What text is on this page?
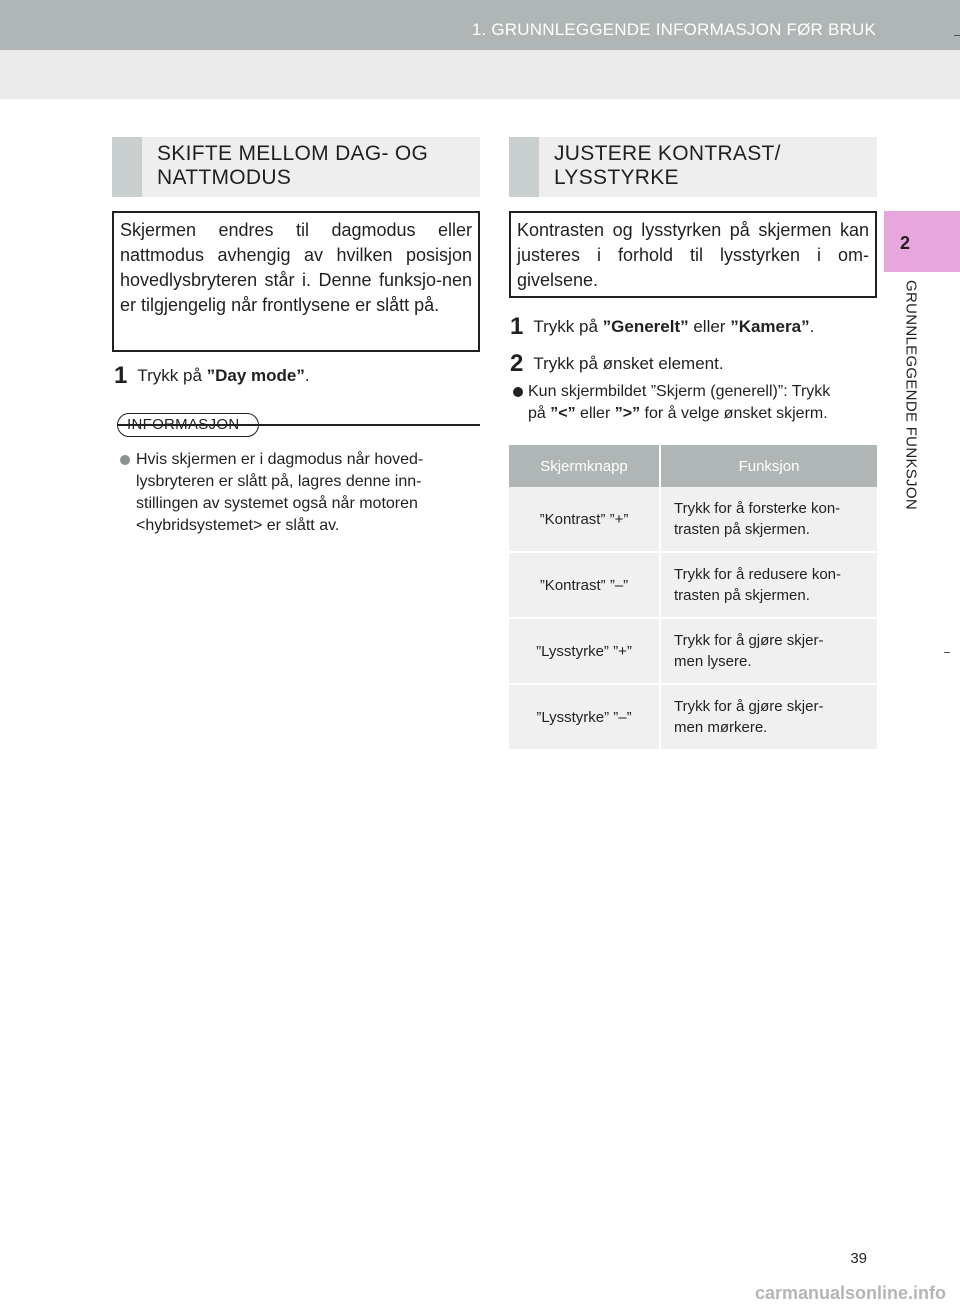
1. GRUNNLEGGENDE INFORMASJON FØR BRUK
2
GRUNNLEGGENDE FUNKSJON
SKIFTE MELLOM DAG- OG
NATTMODUS
Skjermen endres til dagmodus eller nattmodus avhengig av hvilken posisjon hovedlysbryteren står i. Denne funksjo-nen er tilgjengelig når frontlysene er slått på.
1 Trykk på ”Day mode”.
INFORMASJON
Hvis skjermen er i dagmodus når hoved-
lysbryteren er slått på, lagres denne inn-
stillingen av systemet også når motoren
<hybridsystemet> er slått av.
JUSTERE KONTRAST/
LYSSTYRKE
Kontrasten og lysstyrken på skjermen kan justeres i forhold til lysstyrken i om-givelsene.
1 Trykk på ”Generelt” eller ”Kamera”.
2 Trykk på ønsket element.
Kun skjermbildet ”Skjerm (generell)”: Trykk
på ”<” eller ”>” for å velge ønsket skjerm.
Skjermknapp	Funksjon
”Kontrast” ”+”	Trykk for å forsterke kon-
trasten på skjermen.

”Kontrast” ”–”	Trykk for å redusere kon-
trasten på skjermen.

”Lysstyrke” ”+”	Trykk for å gjøre skjer-
men lysere.

”Lysstyrke” ”–”	Trykk for å gjøre skjer-
men mørkere.
39
carmanualsonline.info
